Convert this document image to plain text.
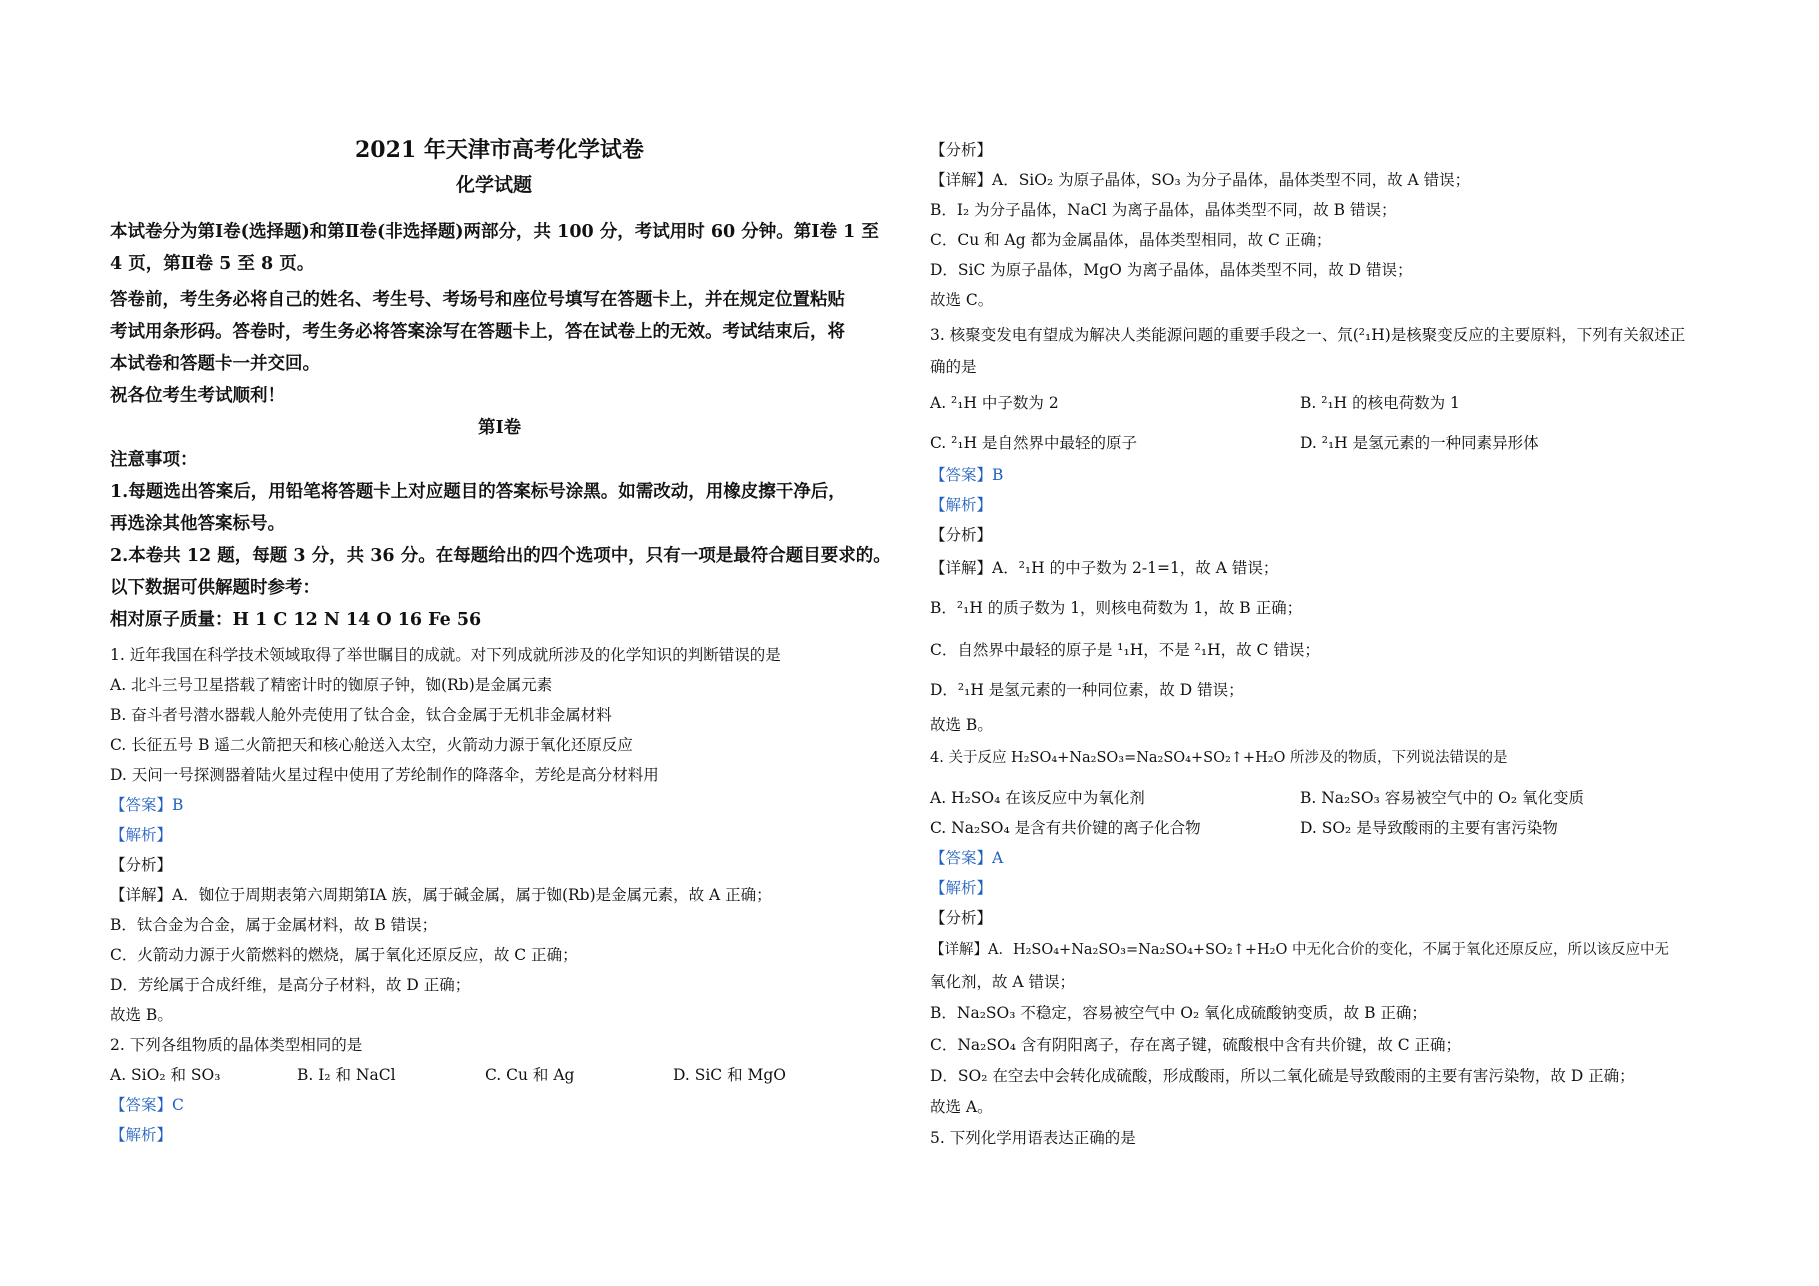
2021 年天津市高考化学试卷
化学试题
本试卷分为第Ⅰ卷(选择题)和第Ⅱ卷(非选择题)两部分，共 100 分，考试用时 60 分钟。第Ⅰ卷 1 至
4 页，第Ⅱ卷 5 至 8 页。
答卷前，考生务必将自己的姓名、考生号、考场号和座位号填写在答题卡上，并在规定位置粘贴
考试用条形码。答卷时，考生务必将答案涂写在答题卡上，答在试卷上的无效。考试结束后，将
本试卷和答题卡一并交回。
祝各位考生考试顺利！
第Ⅰ卷
注意事项：
1.每题选出答案后，用铅笔将答题卡上对应题目的答案标号涂黑。如需改动，用橡皮擦干净后，
再选涂其他答案标号。
2.本卷共 12 题，每题 3 分，共 36 分。在每题给出的四个选项中，只有一项是最符合题目要求的。
以下数据可供解题时参考：
相对原子质量：H 1 C 12 N 14 O 16 Fe 56
1. 近年我国在科学技术领域取得了举世瞩目的成就。对下列成就所涉及的化学知识的判断错误的是
A. 北斗三号卫星搭载了精密计时的铷原子钟，铷(Rb)是金属元素
B. 奋斗者号潜水器载人舱外壳使用了钛合金，钛合金属于无机非金属材料
C. 长征五号 B 遥二火箭把天和核心舱送入太空，火箭动力源于氧化还原反应
D. 天问一号探测器着陆火星过程中使用了芳纶制作的降落伞，芳纶是高分材料用
【答案】B
【解析】
【分析】
【详解】A．铷位于周期表第六周期第ⅠA 族，属于碱金属，属于铷(Rb)是金属元素，故 A 正确；
B．钛合金为合金，属于金属材料，故 B 错误；
C．火箭动力源于火箭燃料的燃烧，属于氧化还原反应，故 C 正确；
D．芳纶属于合成纤维，是高分子材料，故 D 正确；
故选 B。
2. 下列各组物质的晶体类型相同的是
A. SiO₂ 和 SO₃	B. I₂ 和 NaCl	C. Cu 和 Ag	D. SiC 和 MgO
【答案】C
【解析】
【分析】
【详解】A．SiO₂ 为原子晶体，SO₃ 为分子晶体，晶体类型不同，故 A 错误；
B．I₂ 为分子晶体，NaCl 为离子晶体，晶体类型不同，故 B 错误；
C．Cu 和 Ag 都为金属晶体，晶体类型相同，故 C 正确；
D．SiC 为原子晶体，MgO 为离子晶体，晶体类型不同，故 D 错误；
故选 C。
3. 核聚变发电有望成为解决人类能源问题的重要手段之一、氘(²₁H)是核聚变反应的主要原料，下列有关叙述正
确的是
A. ²₁H 中子数为 2	B. ²₁H 的核电荷数为 1
C. ²₁H 是自然界中最轻的原子	D. ²₁H 是氢元素的一种同素异形体
【答案】B
【解析】
【分析】
【详解】A．²₁H 的中子数为 2-1=1，故 A 错误；
B．²₁H 的质子数为 1，则核电荷数为 1，故 B 正确；
C．自然界中最轻的原子是 ¹₁H，不是 ²₁H，故 C 错误；
D．²₁H 是氢元素的一种同位素，故 D 错误；
故选 B。
4. 关于反应 H₂SO₄+Na₂SO₃=Na₂SO₄+SO₂↑+H₂O 所涉及的物质，下列说法错误的是
A. H₂SO₄ 在该反应中为氧化剂	B. Na₂SO₃ 容易被空气中的 O₂ 氧化变质
C. Na₂SO₄ 是含有共价键的离子化合物	D. SO₂ 是导致酸雨的主要有害污染物
【答案】A
【解析】
【分析】
【详解】A．H₂SO₄+Na₂SO₃=Na₂SO₄+SO₂↑+H₂O 中无化合价的变化，不属于氧化还原反应，所以该反应中无
氧化剂，故 A 错误；
B．Na₂SO₃ 不稳定，容易被空气中 O₂ 氧化成硫酸钠变质，故 B 正确；
C．Na₂SO₄ 含有阴阳离子，存在离子键，硫酸根中含有共价键，故 C 正确；
D．SO₂ 在空去中会转化成硫酸，形成酸雨，所以二氧化硫是导致酸雨的主要有害污染物，故 D 正确；
故选 A。
5. 下列化学用语表达正确的是
